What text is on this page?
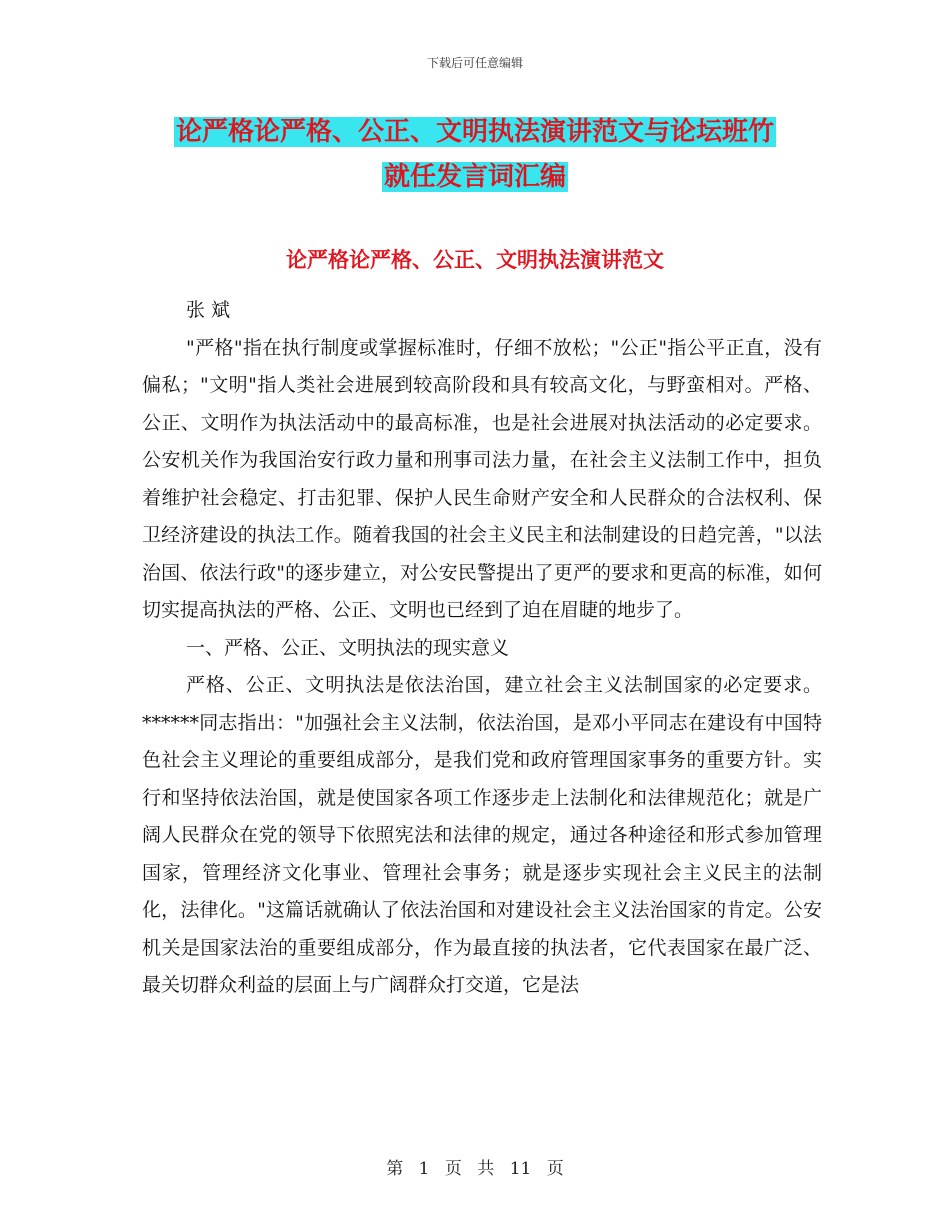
下载后可任意编辑
论严格论严格、公正、文明执法演讲范文与论坛班竹
就任发言词汇编
论严格论严格、公正、文明执法演讲范文

张 斌

"严格"指在执行制度或掌握标准时，仔细不放松；"公正"指公平正直，没有偏私；"文明"指人类社会进展到较高阶段和具有较高文化，与野蛮相对。严格、公正、文明作为执法活动中的最高标准，也是社会进展对执法活动的必定要求。公安机关作为我国治安行政力量和刑事司法力量，在社会主义法制工作中，担负着维护社会稳定、打击犯罪、保护人民生命财产安全和人民群众的合法权利、保卫经济建设的执法工作。随着我国的社会主义民主和法制建设的日趋完善，"以法治国、依法行政"的逐步建立，对公安民警提出了更严的要求和更高的标准，如何切实提高执法的严格、公正、文明也已经到了迫在眉睫的地步了。

一、严格、公正、文明执法的现实意义

严格、公正、文明执法是依法治国，建立社会主义法制国家的必定要求。******同志指出："加强社会主义法制，依法治国，是邓小平同志在建设有中国特色社会主义理论的重要组成部分，是我们党和政府管理国家事务的重要方针。实行和坚持依法治国，就是使国家各项工作逐步走上法制化和法律规范化；就是广阔人民群众在党的领导下依照宪法和法律的规定，通过各种途径和形式参加管理国家，管理经济文化事业、管理社会事务；就是逐步实现社会主义民主的法制化，法律化。"这篇话就确认了依法治国和对建设社会主义法治国家的肯定。公安机关是国家法治的重要组成部分，作为最直接的执法者，它代表国家在最广泛、最关切群众利益的层面上与广阔群众打交道，它是法

第 1 页 共 11 页
